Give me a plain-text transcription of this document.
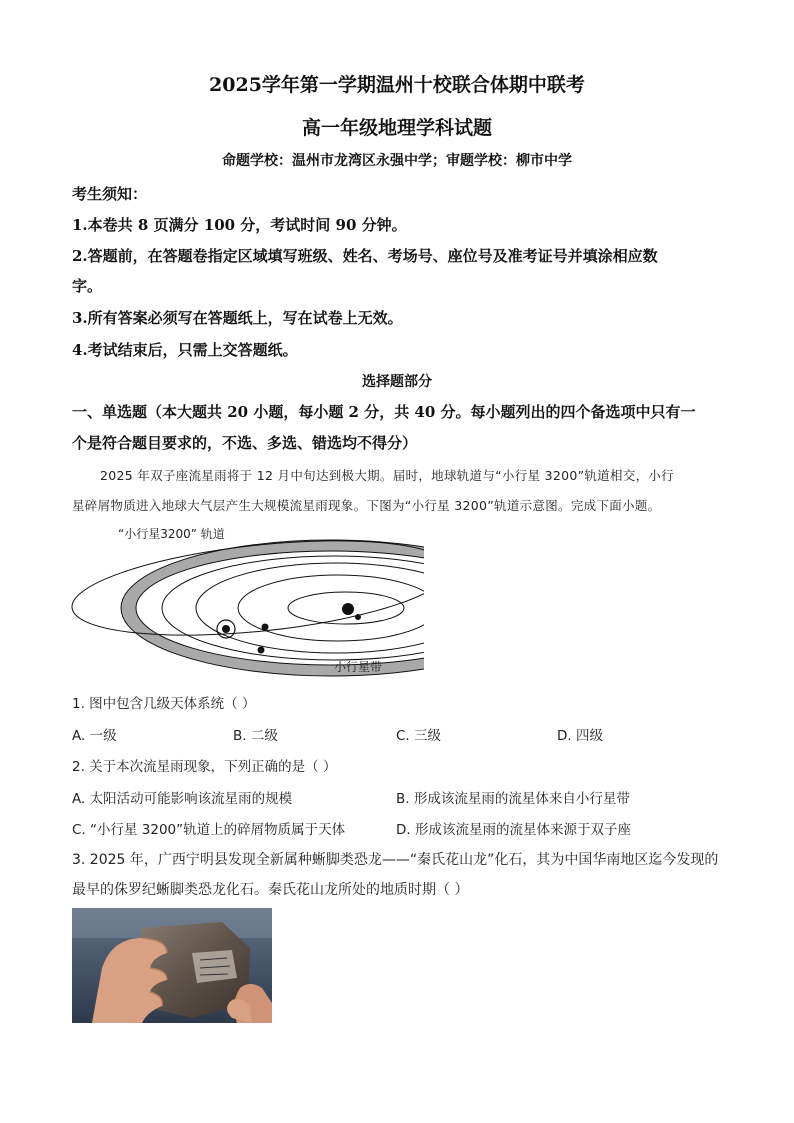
2025学年第一学期温州十校联合体期中联考
高一年级地理学科试题
命题学校：温州市龙湾区永强中学；审题学校：柳市中学
考生须知：
1.本卷共 8 页满分 100 分，考试时间 90 分钟。
2.答题前，在答题卷指定区域填写班级、姓名、考场号、座位号及准考证号并填涂相应数
字。
3.所有答案必须写在答题纸上，写在试卷上无效。
4.考试结束后，只需上交答题纸。
选择题部分
一、单选题（本大题共 20 小题，每小题 2 分，共 40 分。每小题列出的四个备选项中只有一
个是符合题目要求的，不选、多选、错选均不得分）
2025 年双子座流星雨将于 12 月中旬达到极大期。届时，地球轨道与“小行星 3200”轨道相交，小行
星碎屑物质进入地球大气层产生大规模流星雨现象。下图为“小行星 3200”轨道示意图。完成下面小题。
“小行星3200” 轨道
小行星带
1. 图中包含几级天体系统（ ）
A. 一级	B. 二级	C. 三级	D. 四级
2. 关于本次流星雨现象，下列正确的是（ ）
A. 太阳活动可能影响该流星雨的规模	B. 形成该流星雨的流星体来自小行星带
C. “小行星 3200”轨道上的碎屑物质属于天体	D. 形成该流星雨的流星体来源于双子座
3. 2025 年，广西宁明县发现全新属种蜥脚类恐龙——“秦氏花山龙”化石，其为中国华南地区迄今发现的
最早的侏罗纪蜥脚类恐龙化石。秦氏花山龙所处的地质时期（ ）
